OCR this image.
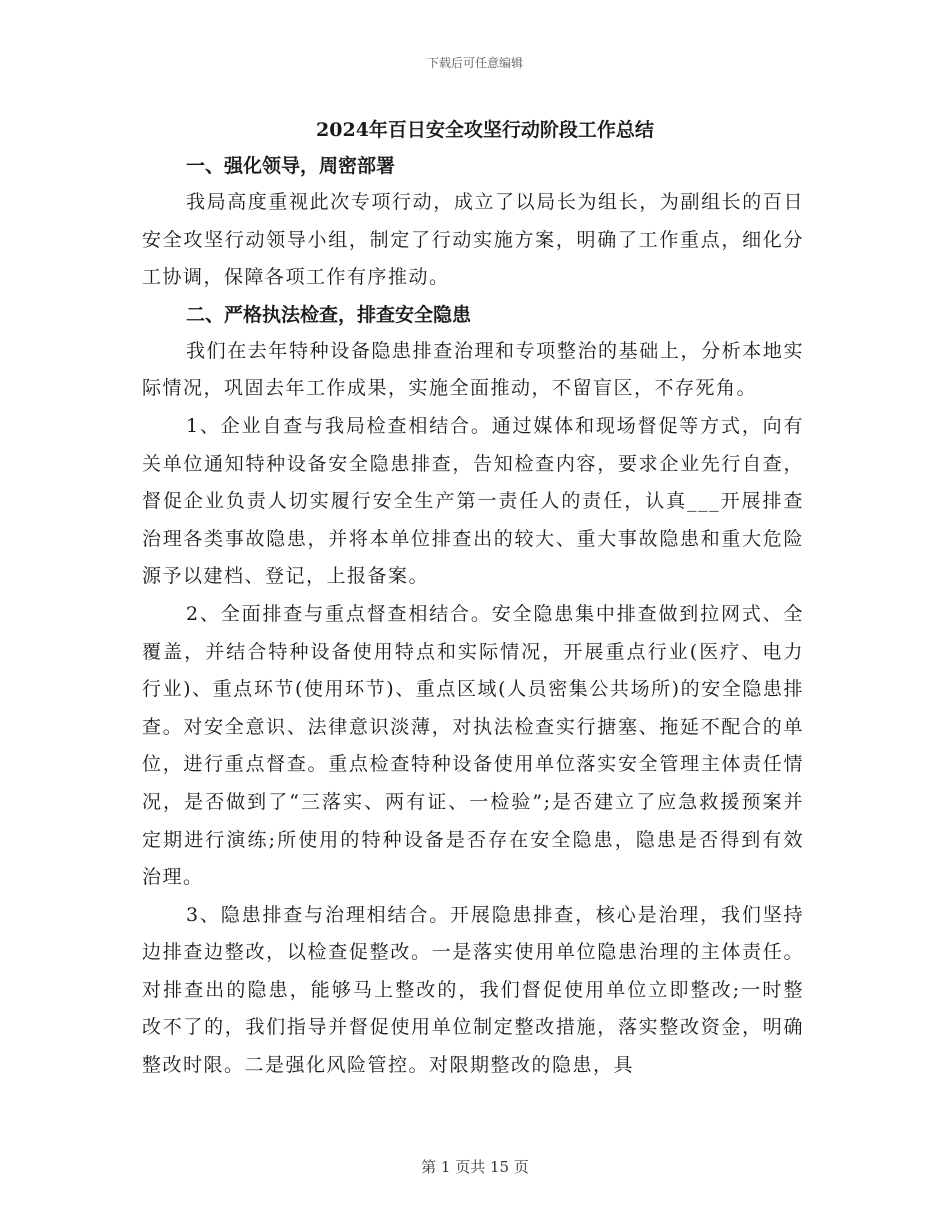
下载后可任意编辑
2024年百日安全攻坚行动阶段工作总结
一、强化领导，周密部署

我局高度重视此次专项行动，成立了以局长为组长，为副组长的百日安全攻坚行动领导小组，制定了行动实施方案，明确了工作重点，细化分工协调，保障各项工作有序推动。

二、严格执法检查，排查安全隐患

我们在去年特种设备隐患排查治理和专项整治的基础上，分析本地实际情况，巩固去年工作成果，实施全面推动，不留盲区，不存死角。

1、企业自查与我局检查相结合。通过媒体和现场督促等方式，向有关单位通知特种设备安全隐患排查，告知检查内容，要求企业先行自查，督促企业负责人切实履行安全生产第一责任人的责任，认真___开展排查治理各类事故隐患，并将本单位排查出的较大、重大事故隐患和重大危险源予以建档、登记，上报备案。

2、全面排查与重点督查相结合。安全隐患集中排查做到拉网式、全覆盖，并结合特种设备使用特点和实际情况，开展重点行业(医疗、电力行业)、重点环节(使用环节)、重点区域(人员密集公共场所)的安全隐患排查。对安全意识、法律意识淡薄，对执法检查实行搪塞、拖延不配合的单位，进行重点督查。重点检查特种设备使用单位落实安全管理主体责任情况，是否做到了“三落实、两有证、一检验”;是否建立了应急救援预案并定期进行演练;所使用的特种设备是否存在安全隐患，隐患是否得到有效治理。

3、隐患排查与治理相结合。开展隐患排查，核心是治理，我们坚持边排查边整改，以检查促整改。一是落实使用单位隐患治理的主体责任。对排查出的隐患，能够马上整改的，我们督促使用单位立即整改;一时整改不了的，我们指导并督促使用单位制定整改措施，落实整改资金，明确整改时限。二是强化风险管控。对限期整改的隐患，具

第 1 页共 15 页
